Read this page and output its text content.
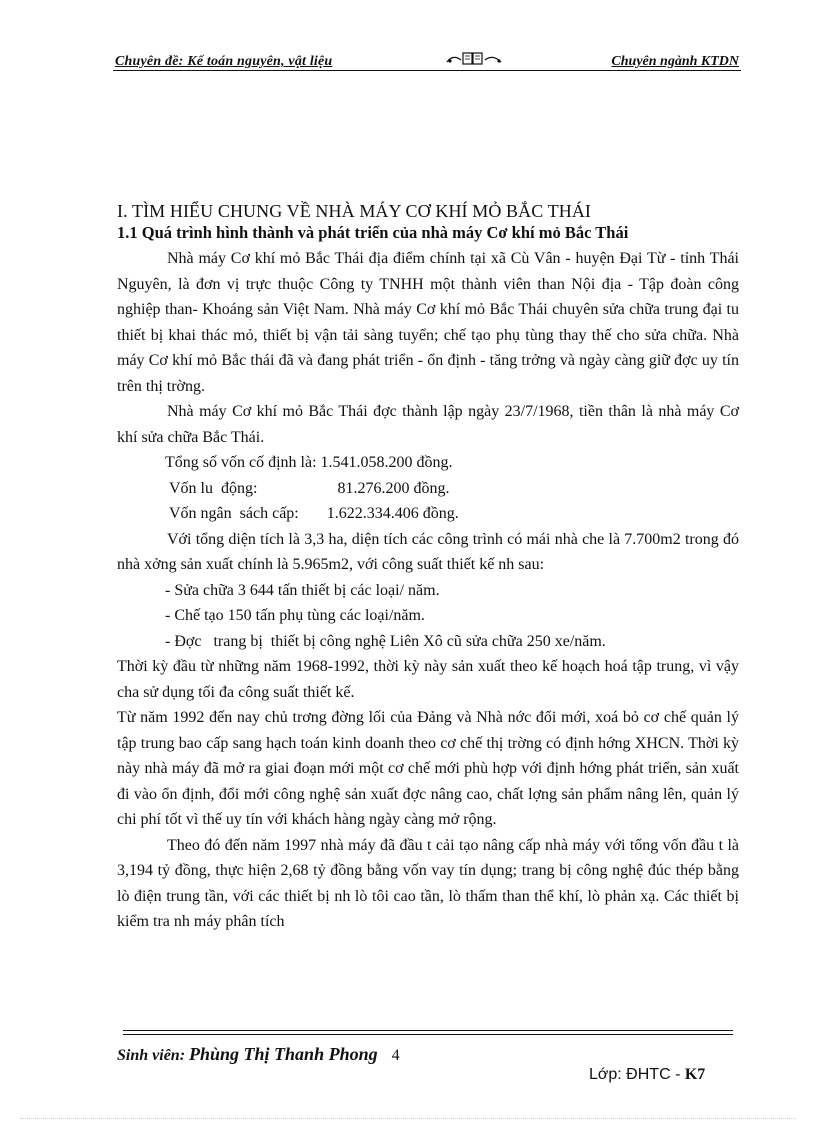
Chuyên đề: Kế toán nguyên, vật liệu	Chuyên ngành KTDN

I. TÌM HIỂU CHUNG VỀ NHÀ MÁY CƠ KHÍ MỎ BẮC THÁI

1.1 Quá trình hình thành và phát triển của nhà máy Cơ khí mỏ Bắc Thái

Nhà máy Cơ khí mỏ Bắc Thái địa điểm chính tại xã Cù Vân - huyện Đại Từ - tỉnh Thái Nguyên, là đơn vị trực thuộc Công ty TNHH một thành viên than Nội địa - Tập đoàn công nghiệp than- Khoáng sản Việt Nam. Nhà máy Cơ khí mỏ Bắc Thái chuyên sửa chữa trung đại tu thiết bị khai thác mỏ, thiết bị vận tải sàng tuyển; chế tạo phụ tùng thay thế cho sửa chữa. Nhà máy Cơ khí mỏ Bắc thái đã và đang phát triển - ổn định - tăng trởng và ngày càng giữ đợc uy tín trên thị trờng.

Nhà máy Cơ khí mỏ Bắc Thái đợc thành lập ngày 23/7/1968, tiền thân là nhà máy Cơ khí sửa chữa Bắc Thái.

Tổng số vốn cố định là: 1.541.058.200 đồng.

Vốn lu  động:                    81.276.200 đồng.

Vốn ngân  sách cấp:       1.622.334.406 đồng.

Với tổng diện tích là 3,3 ha, diện tích các công trình có mái nhà che là 7.700m2 trong đó nhà xởng sản xuất chính là 5.965m2, với công suất thiết kế nh sau:

- Sửa chữa 3 644 tấn thiết bị các loại/ năm.

- Chế tạo 150 tấn phụ tùng các loại/năm.

- Đợc   trang bị  thiết bị công nghệ Liên Xô cũ sửa chữa 250 xe/năm.

Thời kỳ đầu từ những năm 1968-1992, thời kỳ này sản xuất theo kế hoạch hoá tập trung, vì vậy cha sử dụng tối đa công suất thiết kế.

Từ năm 1992 đến nay chủ trơng đờng lối của Đảng và Nhà nớc đổi mới, xoá bỏ cơ chế quản lý tập trung bao cấp sang hạch toán kinh doanh theo cơ chế thị trờng có định hớng XHCN. Thời kỳ này nhà máy đã mở ra giai đoạn mới một cơ chế mới phù hợp với định hớng phát triển, sản xuất đi vào ổn định, đổi mới công nghệ sản xuất đợc nâng cao, chất lợng sản phẩm nâng lên, quản lý chi phí tốt vì thế uy tín với khách hàng ngày càng mở rộng.

Theo đó đến năm 1997 nhà máy đã đầu t cải tạo nâng cấp nhà máy với tổng vốn đầu t là 3,194 tỷ đồng, thực hiện 2,68 tỷ đồng bằng vốn vay tín dụng; trang bị công nghệ đúc thép bằng lò điện trung tần, với các thiết bị nh lò tôi cao tần, lò thấm than thể khí, lò phản xạ. Các thiết bị kiểm tra nh máy phân tích

Sinh viên: Phùng Thị Thanh Phong 4
Lớp: ĐHTC - K7
